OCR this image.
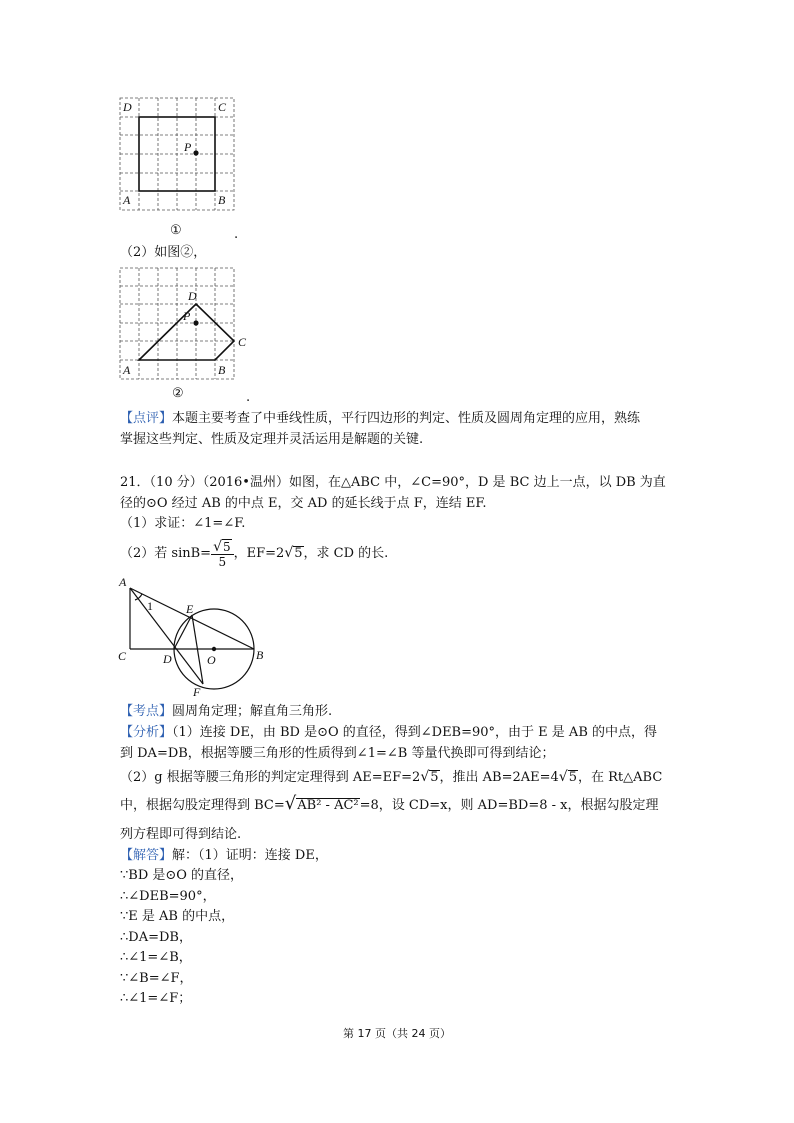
D	C
A	B
P
①	.
（2）如图②，
D
C
A	B
P
②	.
【点评】本题主要考查了中垂线性质，平行四边形的判定、性质及圆周角定理的应用，熟练
掌握这些判定、性质及定理并灵活运用是解题的关键.
21．（10 分）（2016•温州）如图，在△ABC 中，∠C=90°，D 是 BC 边上一点，以 DB 为直
径的⊙O 经过 AB 的中点 E，交 AD 的延长线于点 F，连结 EF.
（1）求证：∠1=∠F.
（2）若 $\sin B= \frac{√5}{5}$ ，EF=2√5，求 CD 的长.
A
1	E
C	D	O	B
F
【考点】圆周角定理；解直角三角形.
【分析】（1）连接 DE，由 BD 是⊙O 的直径，得到∠DEB=90°，由于 E 是 AB 的中点，得
到 DA=DB，根据等腰三角形的性质得到∠1=∠B 等量代换即可得到结论；
（2）g 根据等腰三角形的判定定理得到 AE=EF=2√5，推出 AB=2AE=4√5，在 Rt△ABC
中，根据勾股定理得到 BC=√AB² - AC²=8，设 CD=x，则 AD=BD=8 - x，根据勾股定理
列方程即可得到结论.
【解答】解：（1）证明：连接 DE，
∵BD 是⊙O 的直径，
∴∠DEB=90°，
∵E 是 AB 的中点，
∴DA=DB，
∴∠1=∠B，
∵∠B=∠F，
∴∠1=∠F；
第 17 页（共 24 页）
